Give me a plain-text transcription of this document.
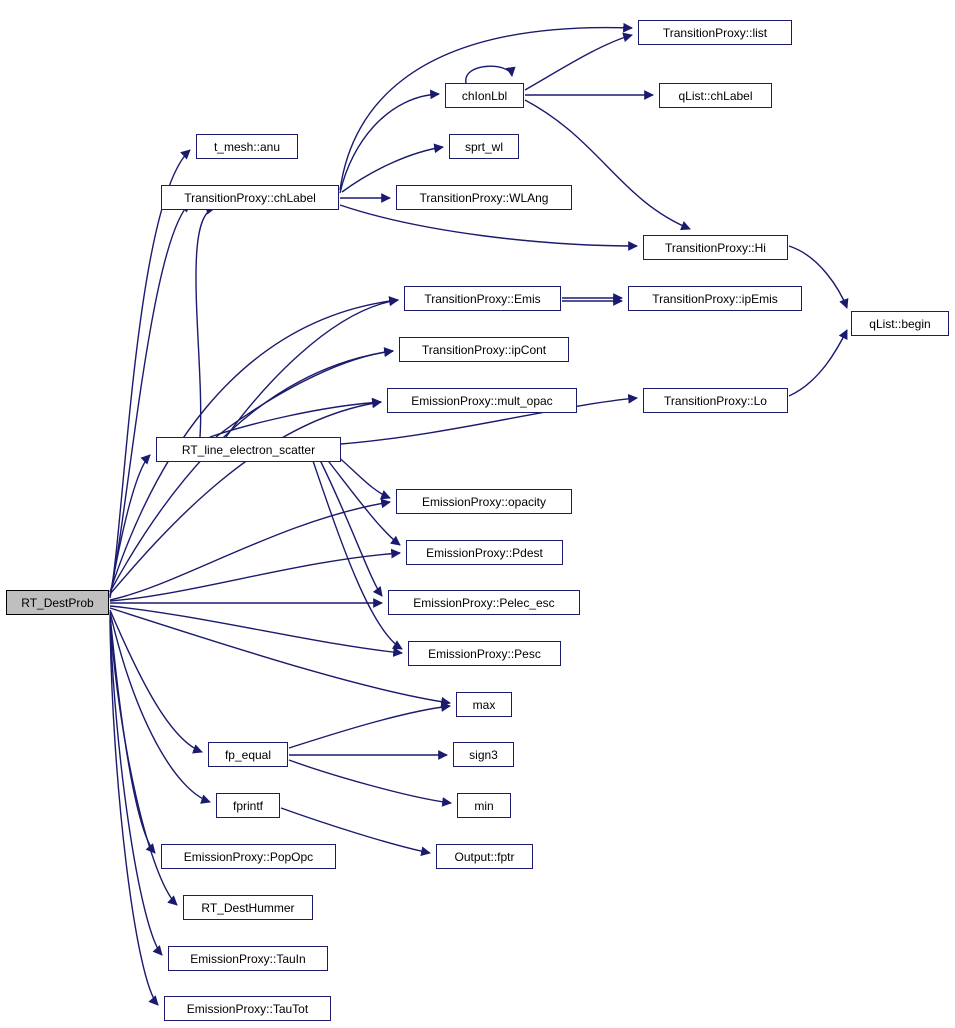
RT_DestProb
t_mesh::anu
TransitionProxy::chLabel
chIonLbl
TransitionProxy::list
qList::chLabel
sprt_wl
TransitionProxy::WLAng
TransitionProxy::Hi
TransitionProxy::Emis	TransitionProxy::ipEmis
qList::begin
TransitionProxy::ipCont
EmissionProxy::mult_opac	TransitionProxy::Lo
RT_line_electron_scatter
EmissionProxy::opacity
EmissionProxy::Pdest
EmissionProxy::Pelec_esc
EmissionProxy::Pesc
max
fp_equal	sign3
fprintf	min
EmissionProxy::PopOpc	Output::fptr
RT_DestHummer
EmissionProxy::TauIn
EmissionProxy::TauTot
